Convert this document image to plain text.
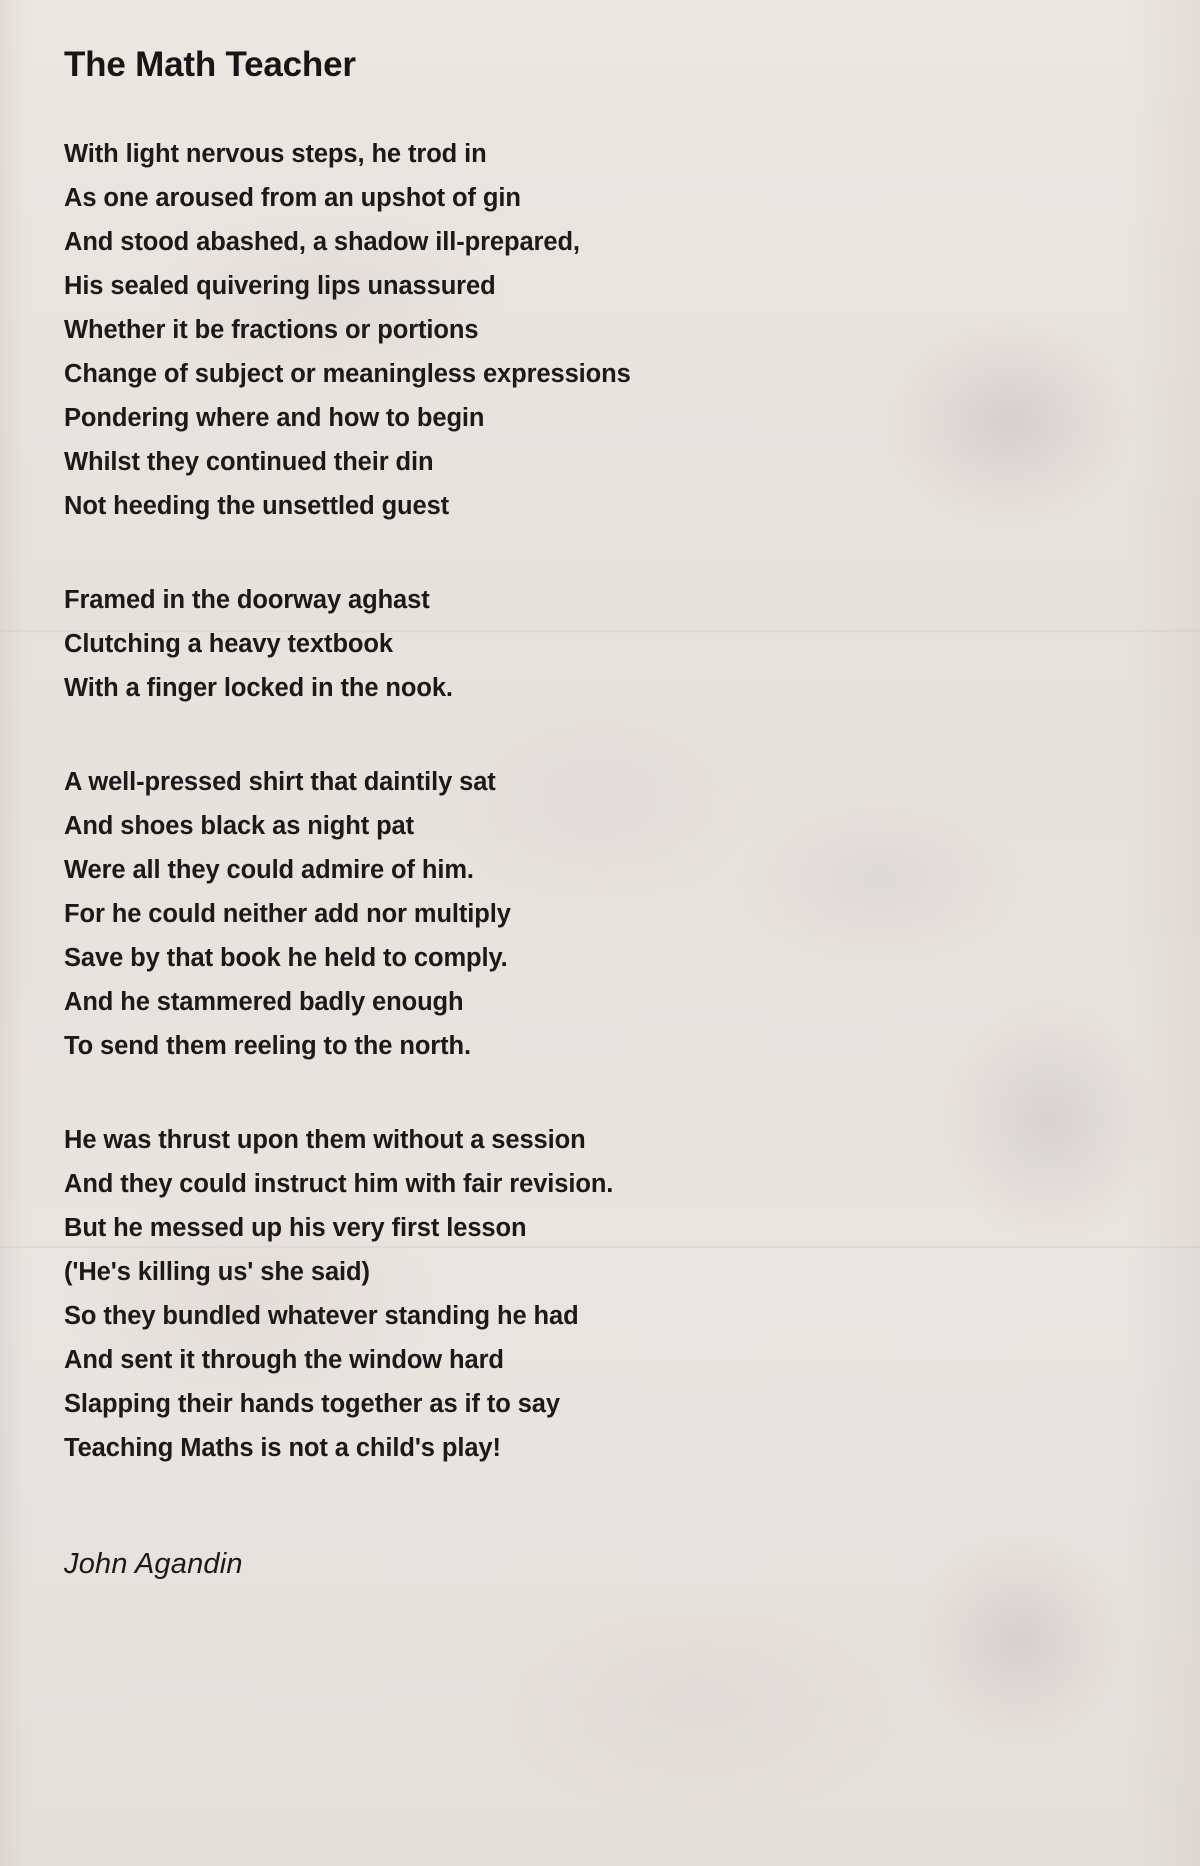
The Math Teacher
With light nervous steps, he trod in
As one aroused from an upshot of gin
And stood abashed, a shadow ill-prepared,
His sealed quivering lips unassured
Whether it be fractions or portions
Change of subject or meaningless expressions
Pondering where and how to begin
Whilst they continued their din
Not heeding the unsettled guest
Framed in the doorway aghast
Clutching a heavy textbook
With a finger locked in the nook.
A well-pressed shirt that daintily sat
And shoes black as night pat
Were all they could admire of him.
For he could neither add nor multiply
Save by that book he held to comply.
And he stammered badly enough
To send them reeling to the north.
He was thrust upon them without a session
And they could instruct him with fair revision.
But he messed up his very first lesson
('He's killing us' she said)
So they bundled whatever standing he had
And sent it through the window hard
Slapping their hands together as if to say
Teaching Maths is not a child's play!
John Agandin
